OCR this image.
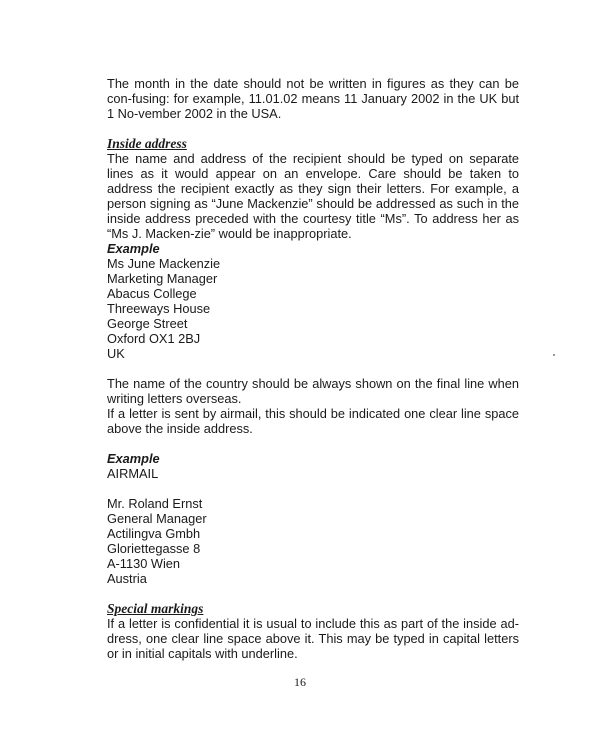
The month in the date should not be written in figures as they can be con-fusing: for example, 11.01.02 means 11 January 2002 in the UK but 1 No-vember 2002 in the USA.

Inside address

The name and address of the recipient should be typed on separate lines as it would appear on an envelope. Care should be taken to address the recipient exactly as they sign their letters. For example, a person signing as “June Mackenzie” should be addressed as such in the inside address preceded with the courtesy title “Ms”. To address her as “Ms J. Macken-zie” would be inappropriate.

Example

Ms June Mackenzie

Marketing Manager

Abacus College

Threeways House

George Street

Oxford OX1 2BJ

UK

The name of the country should be always shown on the final line when writing letters overseas.

If a letter is sent by airmail, this should be indicated one clear line space above the inside address.

Example

AIRMAIL

Mr. Roland Ernst

General Manager

Actilingva Gmbh

Gloriettegasse 8

A-1130 Wien

Austria

Special markings

If a letter is confidential it is usual to include this as part of the inside ad-dress, one clear line space above it. This may be typed in capital letters or in initial capitals with underline.

16
